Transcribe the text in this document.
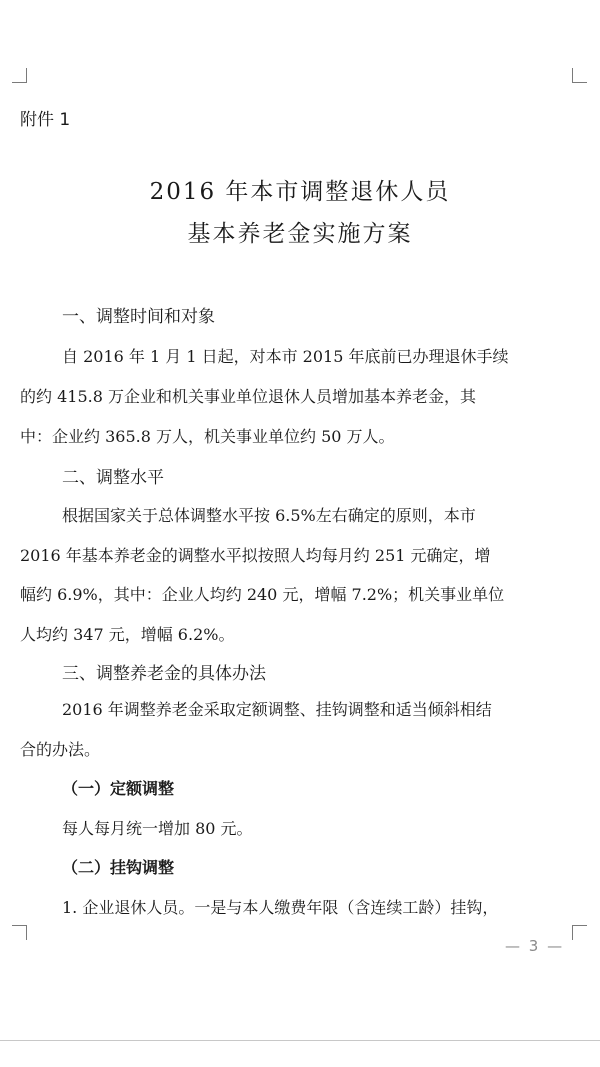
附件 1
2016 年本市调整退休人员
基本养老金实施方案
一、调整时间和对象
自 2016 年 1 月 1 日起，对本市 2015 年底前已办理退休手续
的约 415.8 万企业和机关事业单位退休人员增加基本养老金，其
中：企业约 365.8 万人，机关事业单位约 50 万人。
二、调整水平
根据国家关于总体调整水平按 6.5%左右确定的原则，本市
2016 年基本养老金的调整水平拟按照人均每月约 251 元确定，增
幅约 6.9%，其中：企业人均约 240 元，增幅 7.2%；机关事业单位
人均约 347 元，增幅 6.2%。
三、调整养老金的具体办法
2016 年调整养老金采取定额调整、挂钩调整和适当倾斜相结
合的办法。
（一）定额调整
每人每月统一增加 80 元。
（二）挂钩调整
1. 企业退休人员。一是与本人缴费年限（含连续工龄）挂钩，
— 3 —
